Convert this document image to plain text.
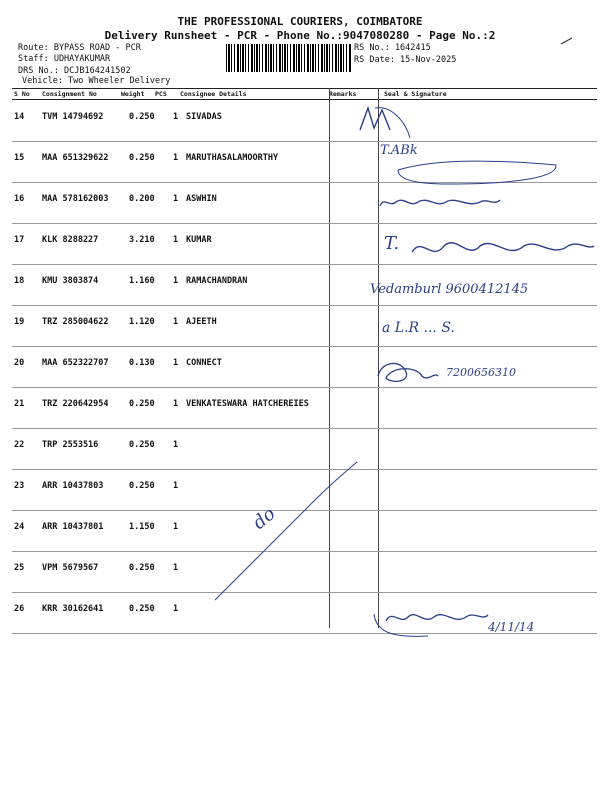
THE PROFESSIONAL COURIERS, COIMBATORE
Delivery Runsheet - PCR - Phone No.:9047080280 - Page No.:2
Route: BYPASS ROAD - PCR
Staff: UDHAYAKUMAR
DRS No.: DCJB164241502
Vehicle: Two Wheeler Delivery
RS No.: 1642415
RS Date: 15-Nov-2025
S No Consignment No	Weight PCS Consignee Details	Remarks	Seal & Signature
14 TVM 14794692	0.250 1 SIVADAS
15 MAA 651329622 0.250 1 MARUTHASALAMOORTHY
16 MAA 578162003 0.200 1 ASWHIN
17 KLK 8288227	3.210 1 KUMAR
18 KMU 3803874	1.160 1 RAMACHANDRAN
19 TRZ 285004622 1.120 1 AJEETH
20 MAA 652322707 0.130 1 CONNECT
21 TRZ 220642954 0.250 1 VENKATESWARA HATCHEREIES
22 TRP 2553516	0.250 1
23 ARR 10437803	0.250 1
24 ARR 10437801	1.150 1
25 VPM 5679567	0.250 1
26 KRR 30162641	0.250 1
T.ABk
T.
Vedamburl 9600412145
a L.R ... S.
7200656310
do
4/11/14
